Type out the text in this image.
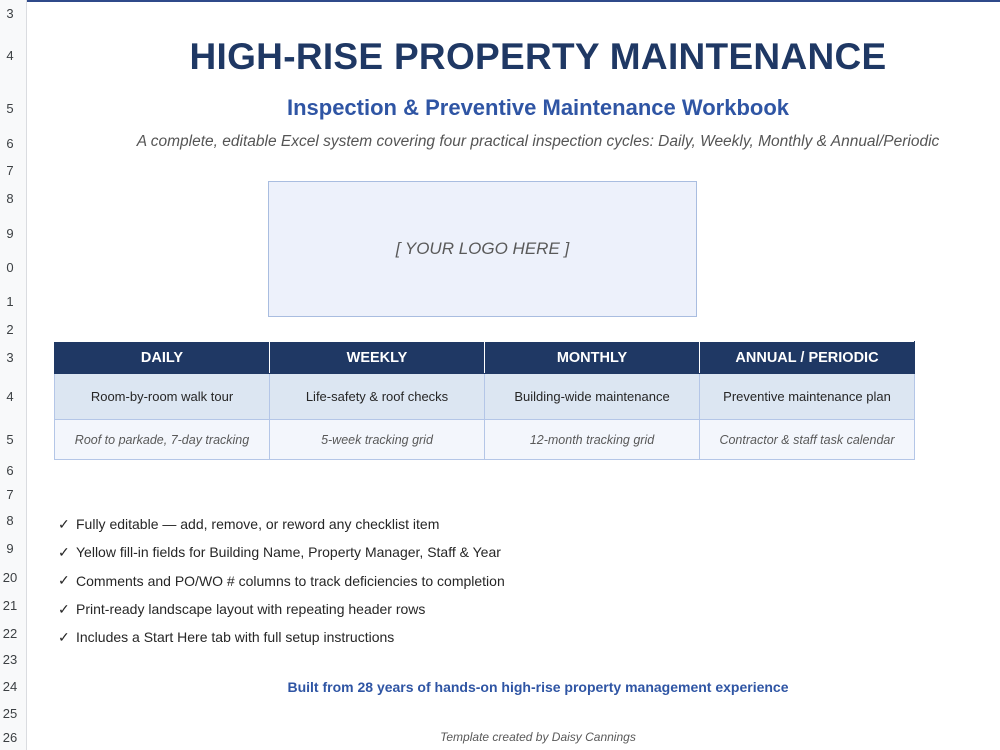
3
4
5
6
7
8
9
0
1
2
3
4
5
6
7
8
9
20
21
22
23
24
25
26
HIGH-RISE PROPERTY MAINTENANCE
Inspection & Preventive Maintenance Workbook
A complete, editable Excel system covering four practical inspection cycles: Daily, Weekly, Monthly & Annual/Periodic
[ YOUR LOGO HERE ]
DAILY	WEEKLY	MONTHLY	ANNUAL / PERIODIC
Room-by-room walk tour	Life-safety & roof checks	Building-wide maintenance	Preventive maintenance plan
Roof to parkade, 7-day tracking	5-week tracking grid	12-month tracking grid	Contractor & staff task calendar
✓ Fully editable — add, remove, or reword any checklist item
✓ Yellow fill-in fields for Building Name, Property Manager, Staff & Year
✓ Comments and PO/WO # columns to track deficiencies to completion
✓ Print-ready landscape layout with repeating header rows
✓ Includes a Start Here tab with full setup instructions
Built from 28 years of hands-on high-rise property management experience
Template created by Daisy Cannings
